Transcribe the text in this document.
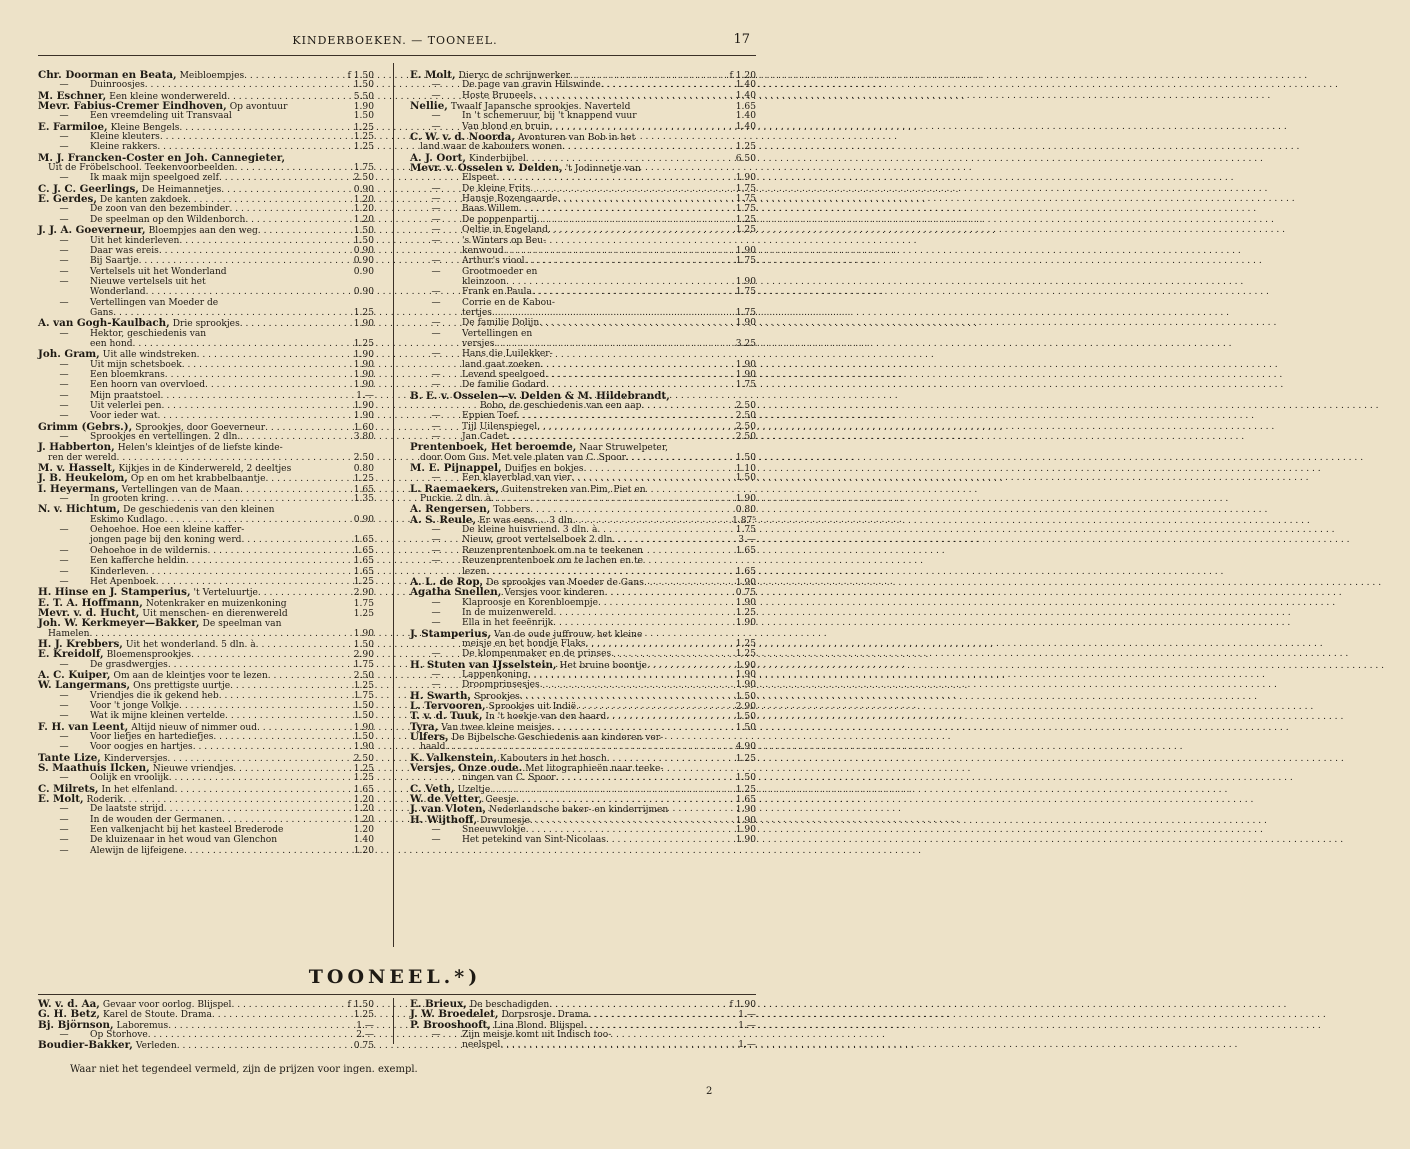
KINDERBOEKEN. — TOONEEL.	17
Chr. Doorman en Beata, Meibloempjes . . .	f 1.50
—	Duinroosjes . . .	1.50
M. Eschner, Een kleine wonderwereld . . .	5.50
Mevr. Fabius-Cremer Eindhoven, Op avontuur	1.90
—	Een vreemdeling uit Transvaal	1.50
E. Farmiloe, Kleine Bengels . . .	1.25
—	Kleine kleuters . . .	1.25
—	Kleine rakkers . . .	1.25
M. J. Francken-Coster en Joh. Cannegieter,
Uit de Fröbelschool. Teekenvoorbeelden . . .	1.75
—	Ik maak mijn speelgoed zelf . . .	2.50
C. J. C. Geerlings, De Heimannetjes . . .	0.90
E. Gerdes, De kanten zakdoek . . .	1.20
—	De zoon van den bezembinder . . .	1.20
—	De speelman op den Wildenborch . . .	1.20
J. J. A. Goeverneur, Bloempjes aan den weg . . .	1.50
—	Uit het kinderleven . . .	1.50
—	Daar was ereis . . .	0.90
—	Bij Saartje . . .	0.90
—	Vertelsels uit het Wonderland	0.90
—	Nieuwe vertelsels uit het
Wonderland . . .	0.90
—	Vertellingen van Moeder de
Gans . . .	1.25
A. van Gogh-Kaulbach, Drie sprookjes . . .	1.90
—	Hektor, geschiedenis van
een hond . . .	1.25
Joh. Gram, Uit alle windstreken . . .	1.90
—	Uit mijn schetsboek . . .	1.90
—	Een bloemkrans . . .	1.90
—	Een hoorn van overvloed . . .	1.90
—	Mijn praatstoel . . .	1.—
—	Uit velerlei pen . . .	1.90
—	Voor ieder wat . . .	1.90
Grimm (Gebrs.), Sprookjes, door Goeverneur . . .	1.60
—	Sprookjes en vertellingen. 2 dln. . . .	3.80
J. Habberton, Helen's kleintjes of de liefste kinde-
ren der wereld . . .	2.50
M. v. Hasselt, Kijkjes in de Kinderwereld, 2 deeltjes	0.80
J. B. Heukelom, Op en om het krabbelbaantje . . .	1.25
I. Heyermans, Vertellingen van de Maan . . .	1.65
—	In grooten kring . . .	1.35
N. v. Hichtum, De geschiedenis van den kleinen
Eskimo Kudlago . . .	0.90
—	Oehoehoe. Hoe een kleine kaffer-
jongen page bij den koning werd . . .	1.65
—	Oehoehoe in de wildernis . . .	1.65
—	Een kafferche heldin . . .	1.65
—	Kinderleven . . .	1.65
—	Het Apenboek . . .	1.25
H. Hinse en J. Stamperius, 't Verteluurtje . . .	2.90
E. T. A. Hoffmann, Notenkraker en muizenkoning	1.75
Mevr. v. d. Hucht, Uit menschen- en dierenwereld	1.25
Joh. W. Kerkmeyer—Bakker, De speelman van
Hamelen . . .	1.90
H. J. Krebbers, Uit het wonderland. 5 dln. à . . .	1.50
E. Kreidolf, Bloemensprookjes . . .	2.90
—	De grasdwergjes . . .	1.75
A. C. Kuiper, Om aan de kleintjes voor te lezen . . .	2.50
W. Langermans, Ons prettigste uurtje . . .	1.25
—	Vriendjes die ik gekend heb . . .	1.75
—	Voor 't jonge Volkje . . .	1.50
—	Wat ik mijne kleinen vertelde . . .	1.50
F. H. van Leent, Altijd nieuw of nimmer oud . . .	1.90
—	Voor liefjes en hartediefjes . . .	1.50
—	Voor oogjes en hartjes . . .	1.90
Tante Lize, Kinderversjes . . .	2.50
S. Maathuis Ilcken, Nieuwe vriendjes . . .	1.25
—	Oolijk en vroolijk . . .	1.25
C. Milrets, In het elfenland . . .	1.65
E. Molt, Roderik . . .	1.20
—	De laatste strijd . . .	1.20
—	In de wouden der Germanen . . .	1.20
—	Een valkenjacht bij het kasteel Brederode	1.20
—	De kluizenaar in het woud van Glenchon	1.40
—	Alewijn de lijfeigene . . .	1.20
E. Molt, Dieryc de schrijnwerker . . .	f 1.20
—	De page van gravin Hilswinde . . .	1.40
—	Hoste Bruneels . . .	1.40
Nellie, Twaalf Japansche sprookjes. Naverteld	1.65
—	In 't schemeruur, bij 't knappend vuur	1.40
—	Van blond en bruin . . .	1.40
C. W. v. d. Noorda, Avonturen van Bob in het
land waar de kabouters wonen . . .	1.25
A. J. Oort, Kinderbijbel . . .	6.50
Mevr. v. Osselen v. Delden, 't Jodinnetje van
Elspeet . . .	1.90
—	De kleine Frits . . .	1.75
—	Hansje Rozengaarde . . .	1.75
—	Baas Willem . . .	1.75
—	De poppenpartij . . .	1.25
—	Oeltie in Engeland . . .	1.25
—	's Winters op Beu-
kenwoud . . .	1.90
—	Arthur's viool . . .	1.75
—	Grootmoeder en
kleinzoon . . .	1.90
—	Frank en Paula . . .	1.75
—	Corrie en de Kabou-
tertjes . . .	1.75
—	De familie Dolijn . . .	1.90
—	Vertellingen en
versjes . . .	3.25
—	Hans die Luilekker-
land gaat zoeken . . .	1.90
—	Levend speelgoed . . .	1.90
—	De familie Godard . . .	1.75
B. E. v. Osselen—v. Delden & M. Hildebrandt,
Bobo, de geschiedenis van een aap . . .	2.50
—	Eppien Toef . . .	2.50
—	Tijl Uilenspiegel . . .	2.50
—	Jan Cadet . . .	2.50
Prentenboek, Het beroemde, Naar Struwelpeter,
door Oom Gus. Met vele platen van C. Spoor . . .	1.50
M. E. Pijnappel, Duifjes en bokjes . . .	1.10
—	Een klaverblad van vier . . .	1.50
L. Raemaekers, Guitenstreken van Pim, Piet en
Puckie. 2 dln. à . . .	1.90
A. Rengersen, Tobbers . . .	0.80
A. S. Reule, Er was eens.... 3 dln . . .	1.87⁵
—	De kleine huisvriend. 3 dln. à . . .	1.75
—	Nieuw, groot vertelselboek 2 dln . . .	3.—
—	Reuzenprentenboek om na te teekenen	1.65
—	Reuzenprentenboek om te lachen en te
lezen . . .	1.65
A. L. de Rop, De sprookjes van Moeder de Gans . . .	1.90
Agatha Snellen, Versjes voor kinderen . . .	0.75
—	Klaproosje en Korenbloempje . . .	1.90
—	In de muizenwereld . . .	1.25
—	Ella in het feeënrijk . . .	1.90
J. Stamperius, Van de oude juffrouw, het kleine
meisje en het hondje Flaks . . .	1.25
—	De klompenmaker en de prinses . . .	1.25
H. Stuten van IJsselstein, Het bruine boontje . . .	1.90
—	Lappenkoning . . .	1.90
—	Droomprinsesjes . . .	1.90
H. Swarth, Sprookjes . . .	1.50
L. Tervooren, Sprookjes uit Indië . . .	2.90
T. v. d. Tuuk, In 't hoekje van den haard . . .	1.50
Tyra, Van twee kleine meisjes . . .	1.50
Ulfers, De Bijbelsche Geschiedenis aan kinderen ver-
haald . . .	4.90
K. Valkenstein, Kabouters in het bosch . . .	1.25
Versjes, Onze oude. Met litographieën naar teeke-
ningen van C. Spoor . . .	1.50
C. Veth, Uzeltje . . .	1.25
W. de Vetter, Geesje . . .	1.65
J. van Vloten, Nederlandsche baker- en kinderrijmen	1.90
H. Wijthoff, Dreumesje . . .	1.90
—	Sneeuwvlokje . . .	1.90
—	Het petekind van Sint-Nicolaas . . .	1.90
TOONEEL.*)
W. v. d. Aa, Gevaar voor oorlog. Blijspel . . .	f 1.50
G. H. Betz, Karel de Stoute. Drama . . .	1.25
Bj. Björnson, Laboremus . . .	1.—
—	Op Storhove . . .	2.—
Boudier-Bakker, Verleden . . .	0.75
E. Brieux, De beschadigden . . .	f 1.90
J. W. Broedelet, Dorpsrosje. Drama . . .	1.—
P. Brooshooft, Lina Blond. Blijspel . . .	1.—
—	Zijn meisje komt uit Indisch too-
neelspel . . .	1.—
Waar niet het tegendeel vermeld, zijn de prijzen voor ingen. exempl.
2
